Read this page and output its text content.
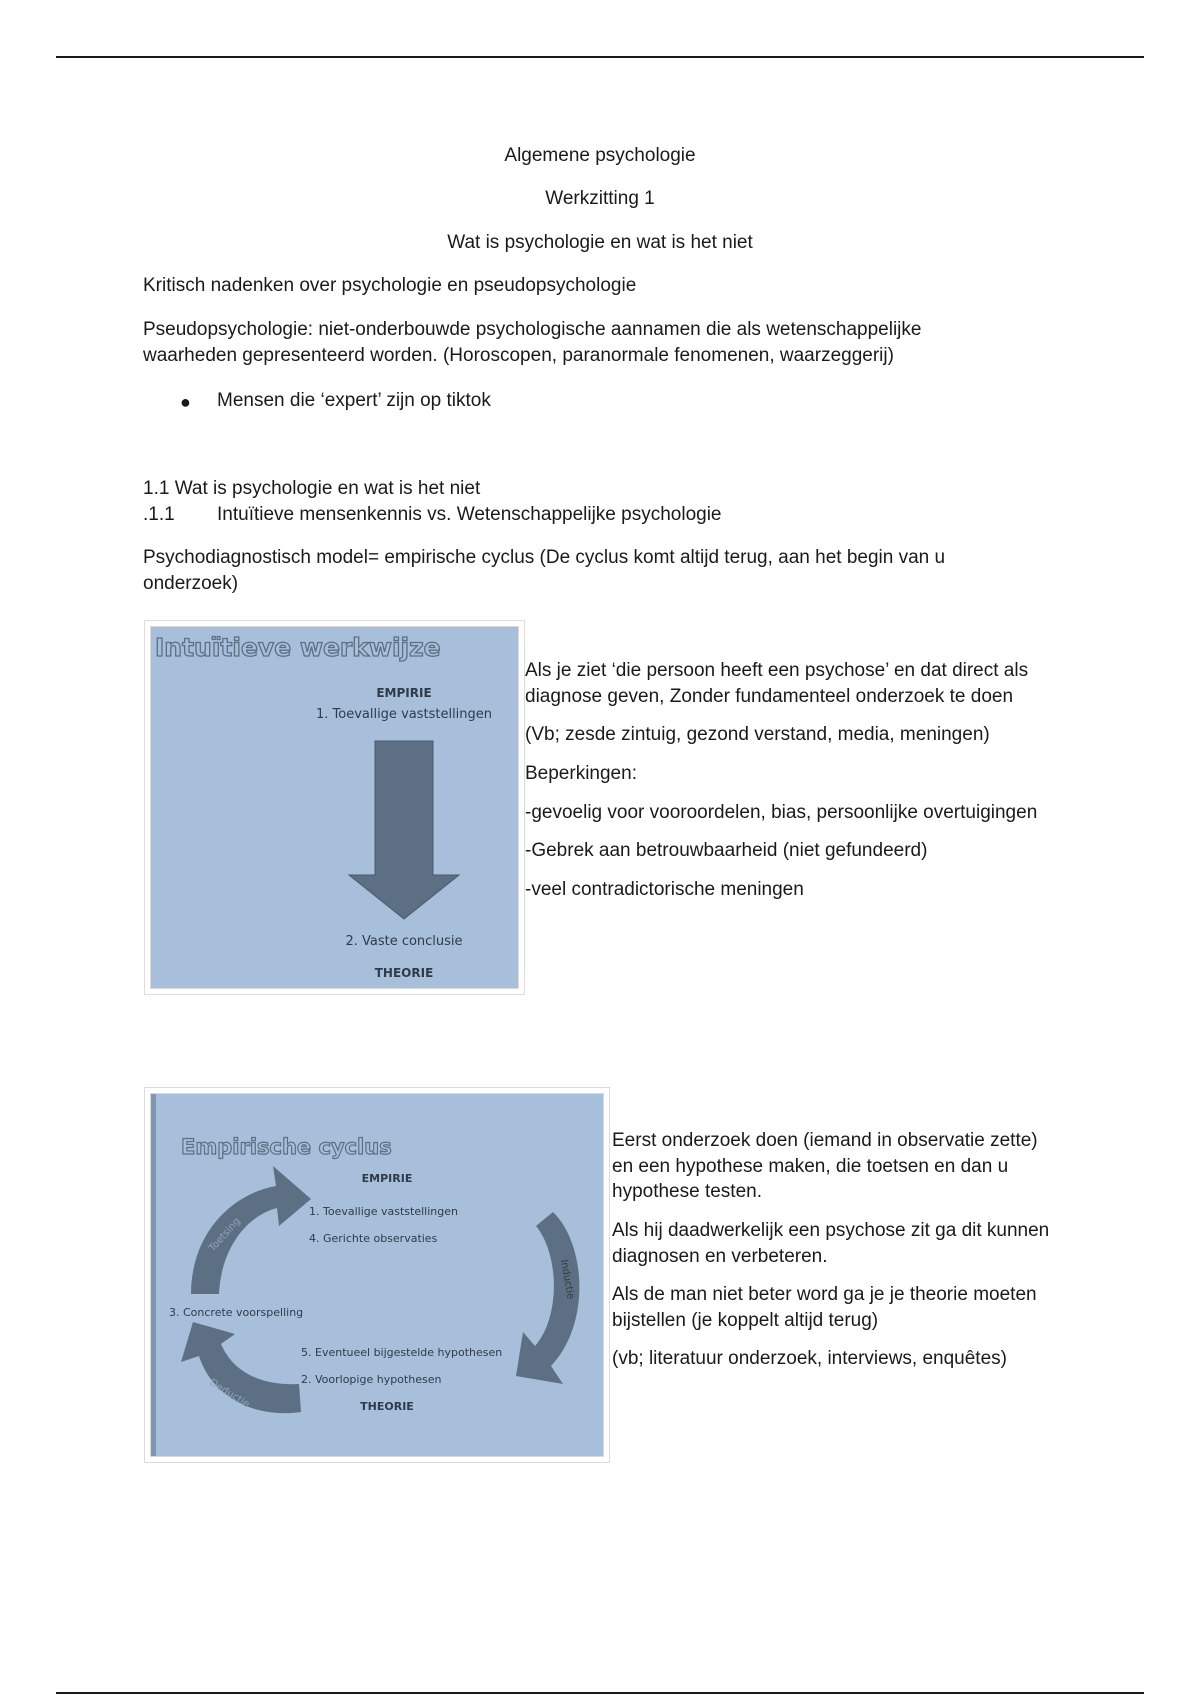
Algemene psychologie

Werkzitting 1

Wat is psychologie en wat is het niet

Kritisch nadenken over psychologie en pseudopsychologie

Pseudopsychologie: niet-onderbouwde psychologische aannamen die als wetenschappelijke waarheden gepresenteerd worden. (Horoscopen, paranormale fenomenen, waarzeggerij)

● Mensen die ‘expert’ zijn op tiktok

1.1 Wat is psychologie en wat is het niet

.1.1 Intuïtieve mensenkennis vs. Wetenschappelijke psychologie

Psychodiagnostisch model= empirische cyclus (De cyclus komt altijd terug, aan het begin van u onderzoek)

Intuïtieve werkwijze
EMPIRIE
1. Toevallige vaststellingen
2. Vaste conclusie
THEORIE

Als je ziet ‘die persoon heeft een psychose’ en dat direct als diagnose geven, Zonder fundamenteel onderzoek te doen

(Vb; zesde zintuig, gezond verstand, media, meningen)

Beperkingen:

-gevoelig voor vooroordelen, bias, persoonlijke overtuigingen

-Gebrek aan betrouwbaarheid (niet gefundeerd)

-veel contradictorische meningen

Empirische cyclus
EMPIRIE
1. Toevallige vaststellingen
4. Gerichte observaties
3. Concrete voorspelling
5. Eventueel bijgestelde hypothesen
2. Voorlopige hypothesen
THEORIE
Toetsing
Inductie
Deductie

Eerst onderzoek doen (iemand in observatie zette) en een hypothese maken, die toetsen en dan u hypothese testen.

Als hij daadwerkelijk een psychose zit ga dit kunnen diagnosen en verbeteren.

Als de man niet beter word ga je je theorie moeten bijstellen (je koppelt altijd terug)

(vb; literatuur onderzoek, interviews, enquêtes)
